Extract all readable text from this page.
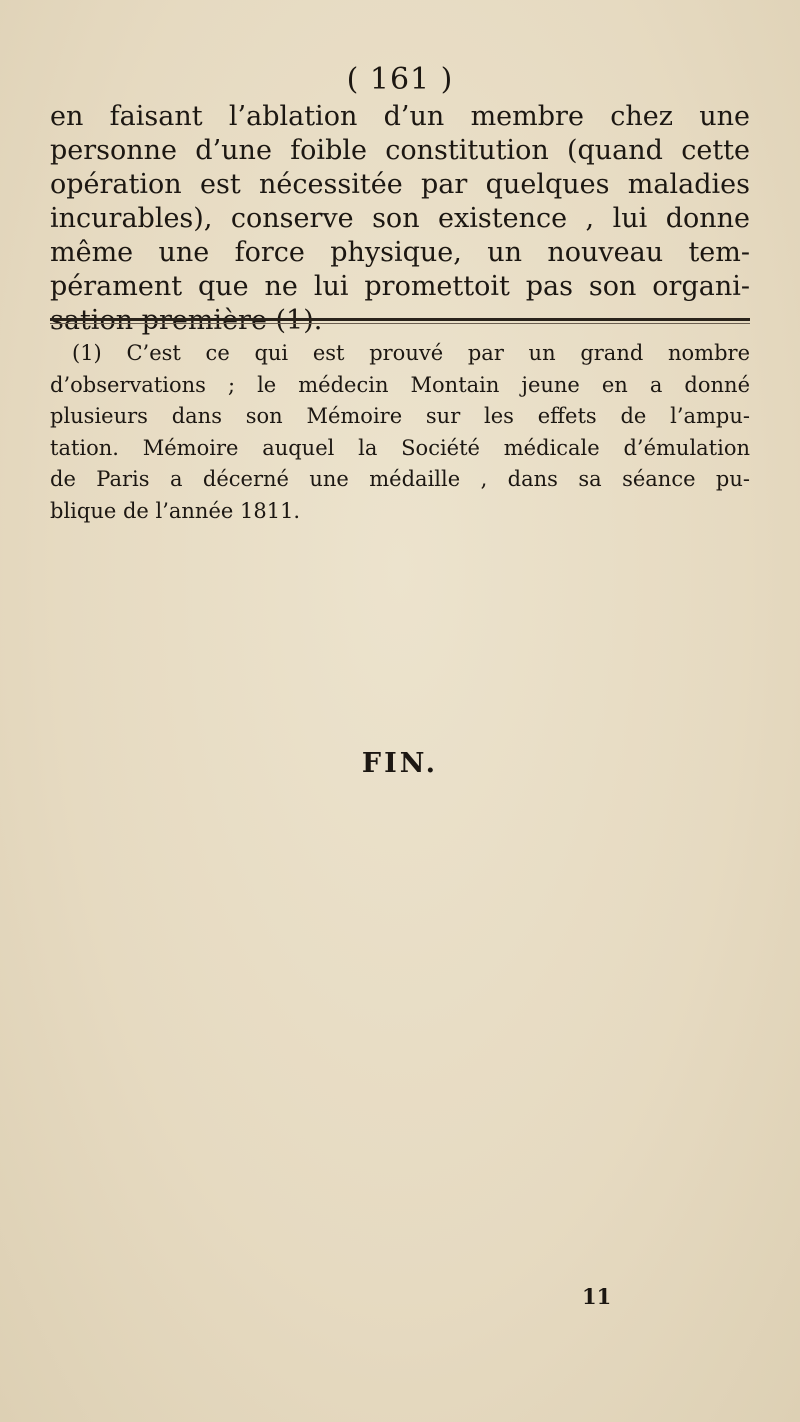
( 161 )
en faisant l’ablation d’un membre chez une
personne d’une foible constitution (quand cette
opération est nécessitée par quelques maladies
incurables), conserve son existence , lui donne
même une force physique, un nouveau tem-
pérament que ne lui promettoit pas son organi-
sation première (1).
(1) C’est ce qui est prouvé par un grand nombre
d’observations ; le médecin Montain jeune en a donné
plusieurs dans son Mémoire sur les effets de l’ampu-
tation. Mémoire auquel la Société médicale d’émulation
de Paris a décerné une médaille , dans sa séance pu-
blique de l’année 1811.
FIN.
11
